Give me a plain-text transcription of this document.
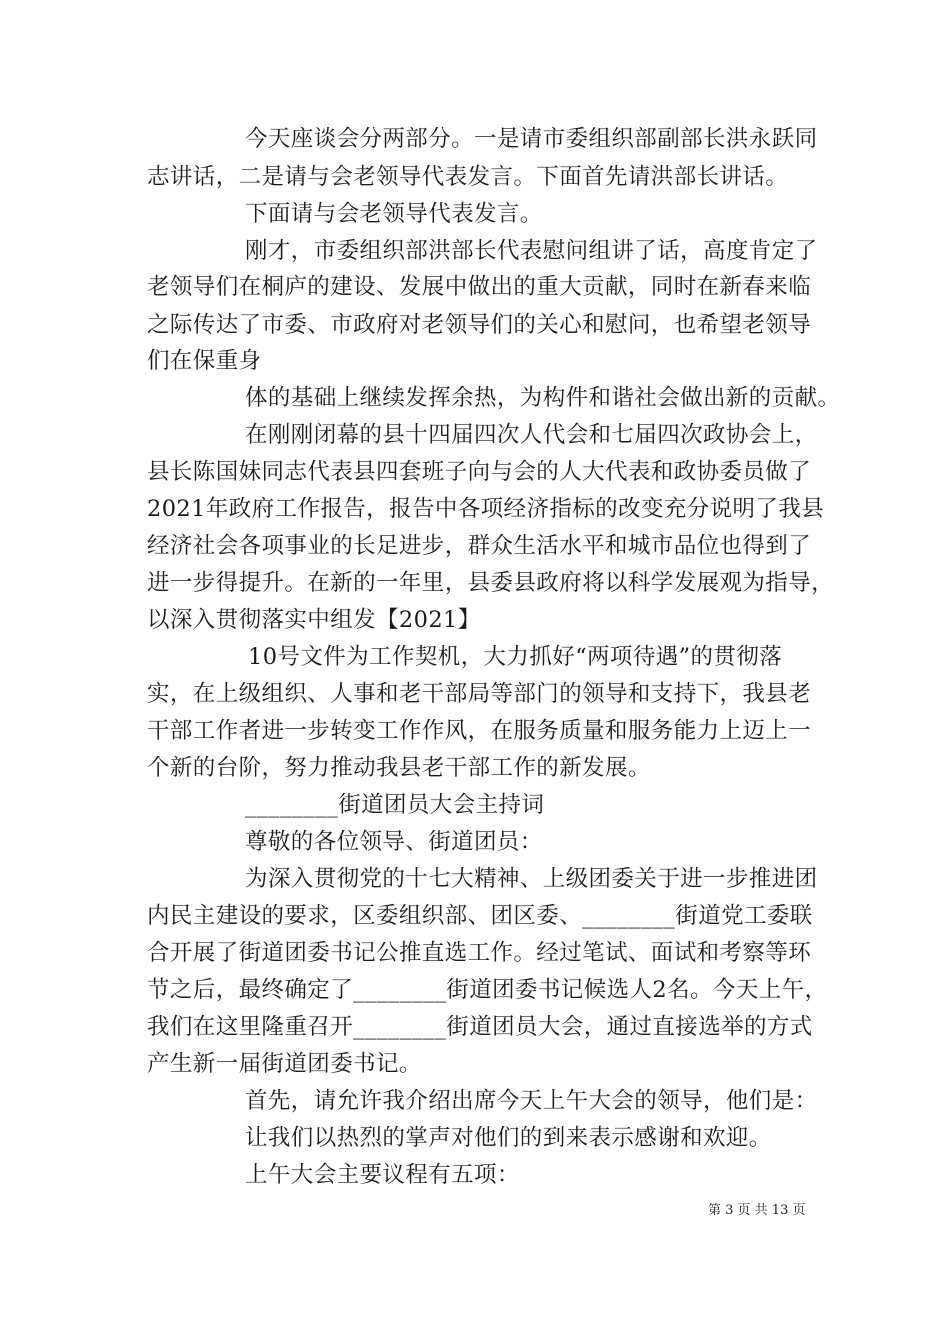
今天座谈会分两部分。一是请市委组织部副部长洪永跃同
志讲话，二是请与会老领导代表发言。下面首先请洪部长讲话。
下面请与会老领导代表发言。
刚才，市委组织部洪部长代表慰问组讲了话，高度肯定了
老领导们在桐庐的建设、发展中做出的重大贡献，同时在新春来临
之际传达了市委、市政府对老领导们的关心和慰问，也希望老领导
们在保重身
体的基础上继续发挥余热，为构件和谐社会做出新的贡献。
在刚刚闭幕的县十四届四次人代会和七届四次政协会上，
县长陈国妹同志代表县四套班子向与会的人大代表和政协委员做了
2021年政府工作报告，报告中各项经济指标的改变充分说明了我县
经济社会各项事业的长足进步，群众生活水平和城市品位也得到了
进一步得提升。在新的一年里，县委县政府将以科学发展观为指导，
以深入贯彻落实中组发【2021】
10号文件为工作契机，大力抓好“两项待遇”的贯彻落
实，在上级组织、人事和老干部局等部门的领导和支持下，我县老
干部工作者进一步转变工作作风，在服务质量和服务能力上迈上一
个新的台阶，努力推动我县老干部工作的新发展。
________街道团员大会主持词
尊敬的各位领导、街道团员：
为深入贯彻党的十七大精神、上级团委关于进一步推进团
内民主建设的要求，区委组织部、团区委、________街道党工委联
合开展了街道团委书记公推直选工作。经过笔试、面试和考察等环
节之后，最终确定了________街道团委书记候选人2名。今天上午，
我们在这里隆重召开________街道团员大会，通过直接选举的方式
产生新一届街道团委书记。
首先，请允许我介绍出席今天上午大会的领导，他们是：
让我们以热烈的掌声对他们的到来表示感谢和欢迎。
上午大会主要议程有五项：
第 3 页 共 13 页
